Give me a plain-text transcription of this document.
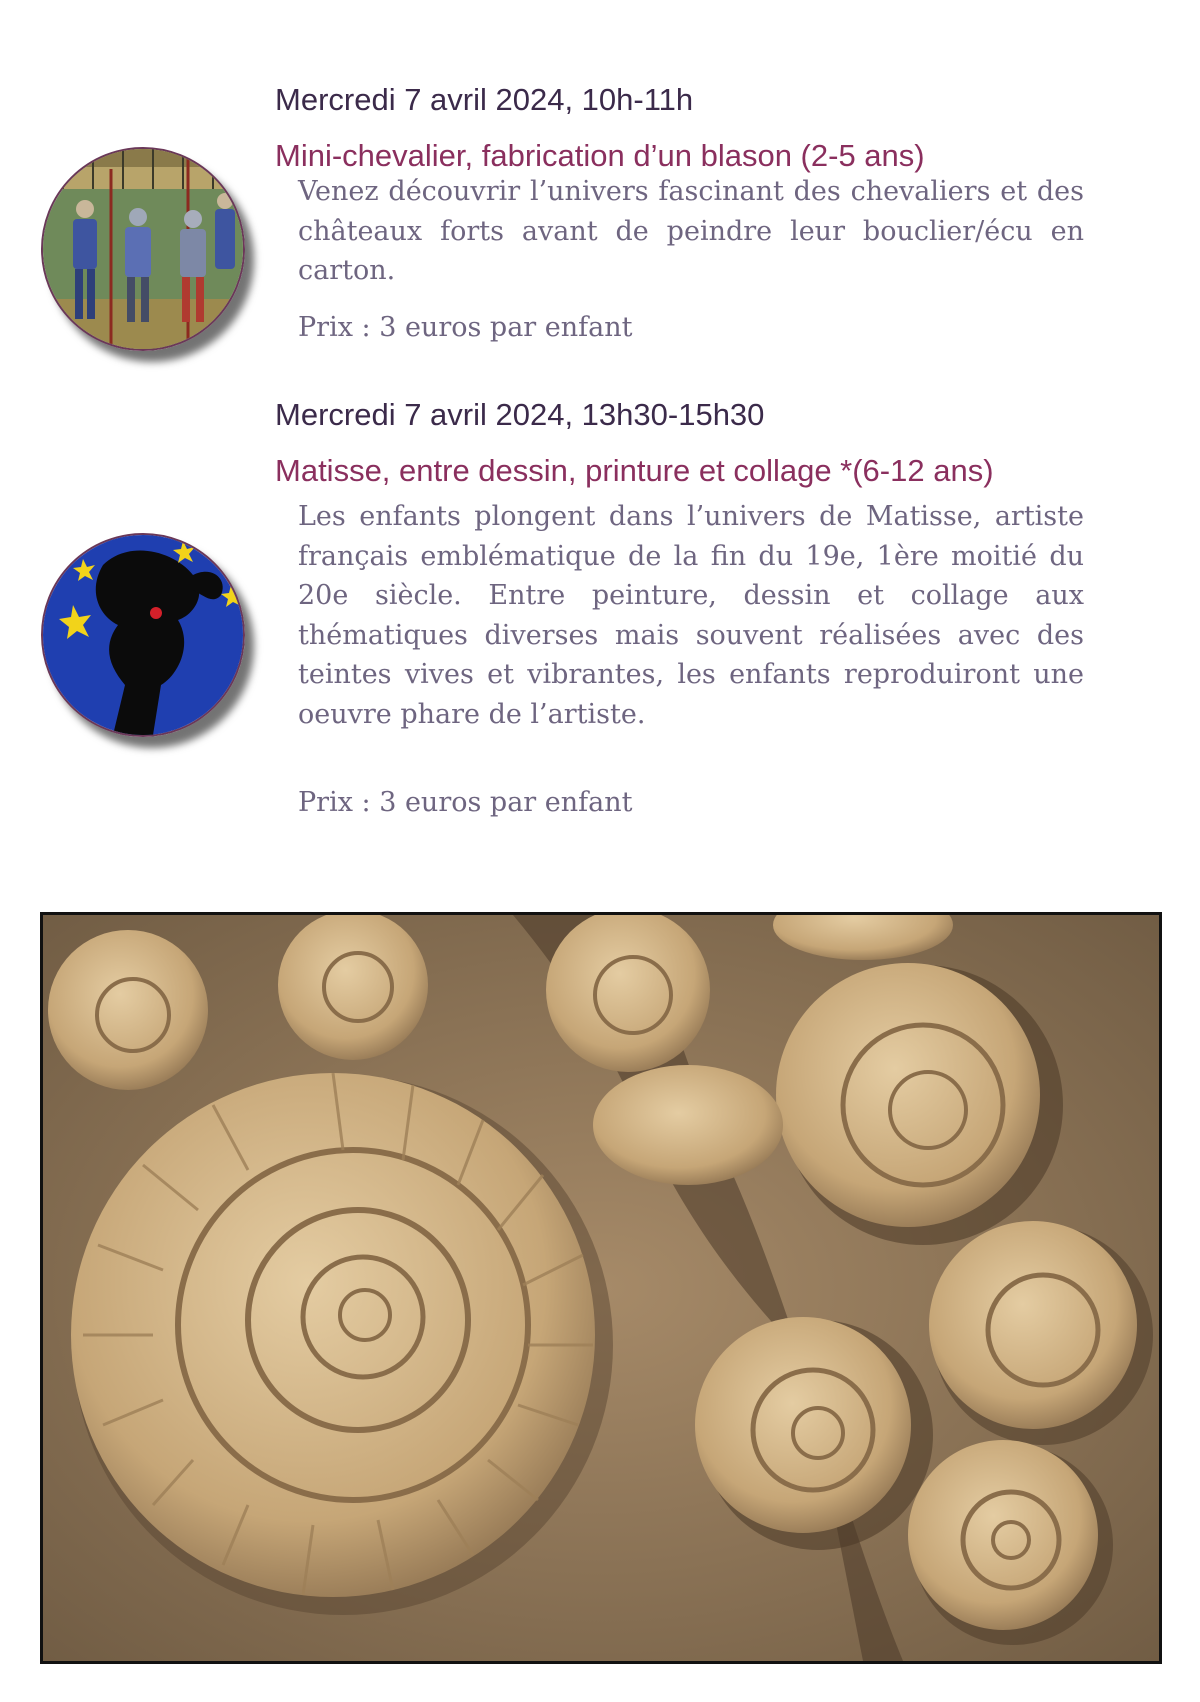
Mercredi 7 avril 2024, 10h-11h
Mini-chevalier, fabrication d’un blason (2-5 ans)

Venez découvrir l’univers fascinant des chevaliers et des châteaux forts avant de peindre leur bouclier/écu en carton.

Prix : 3 euros par enfant
Mercredi 7 avril 2024, 13h30-15h30
Matisse, entre dessin, printure et collage *(6-12 ans)

Les enfants plongent dans l’univers de Matisse, artiste français emblématique de la fin du 19e, 1ère moitié du 20e siècle. Entre peinture, dessin et collage aux thématiques diverses mais souvent réalisées avec des teintes vives et vibrantes, les enfants reproduiront une oeuvre phare de l’artiste.

Prix : 3 euros par enfant
